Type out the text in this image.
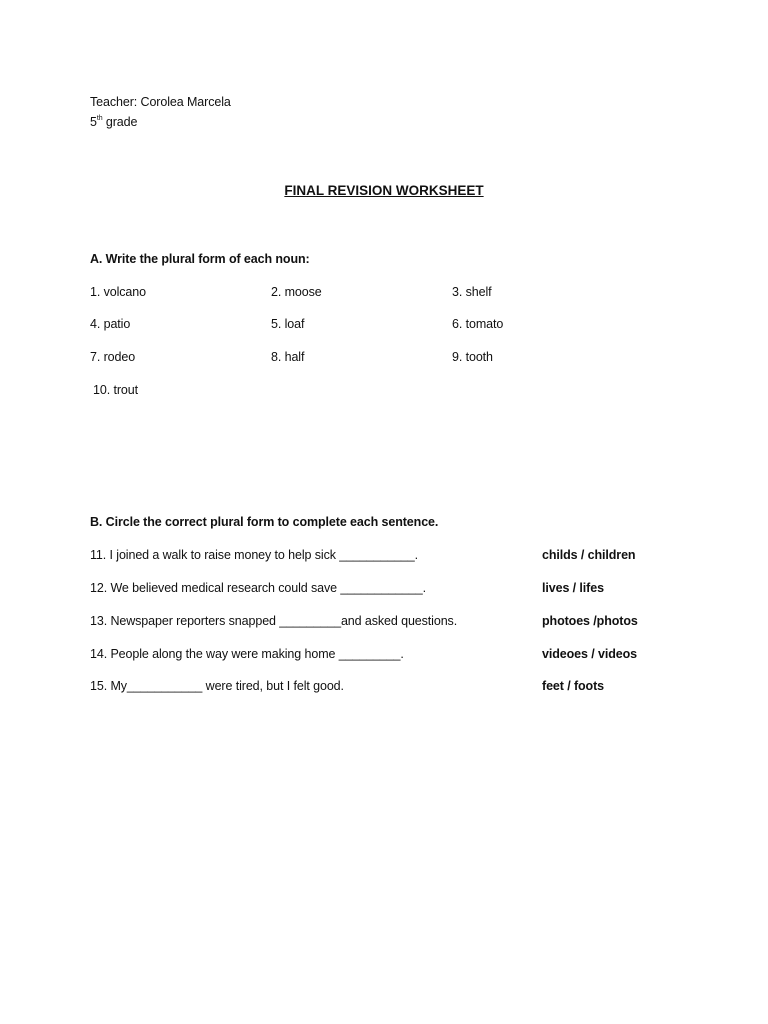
Teacher: Corolea Marcela
5th grade
FINAL REVISION WORKSHEET
A. Write the plural form of each noun:
1. volcano	2. moose	3. shelf
4. patio	5. loaf	6. tomato
7. rodeo	8. half	9. tooth
10. trout
B. Circle the correct plural form to complete each sentence.
11. I joined a walk to raise money to help sick ___________.	childs / children
12. We believed medical research could save ____________.	lives / lifes
13. Newspaper reporters snapped _________and asked questions.	photoes /photos
14. People along the way were making home _________.	videoes / videos
15. My___________ were tired, but I felt good.	feet / foots
